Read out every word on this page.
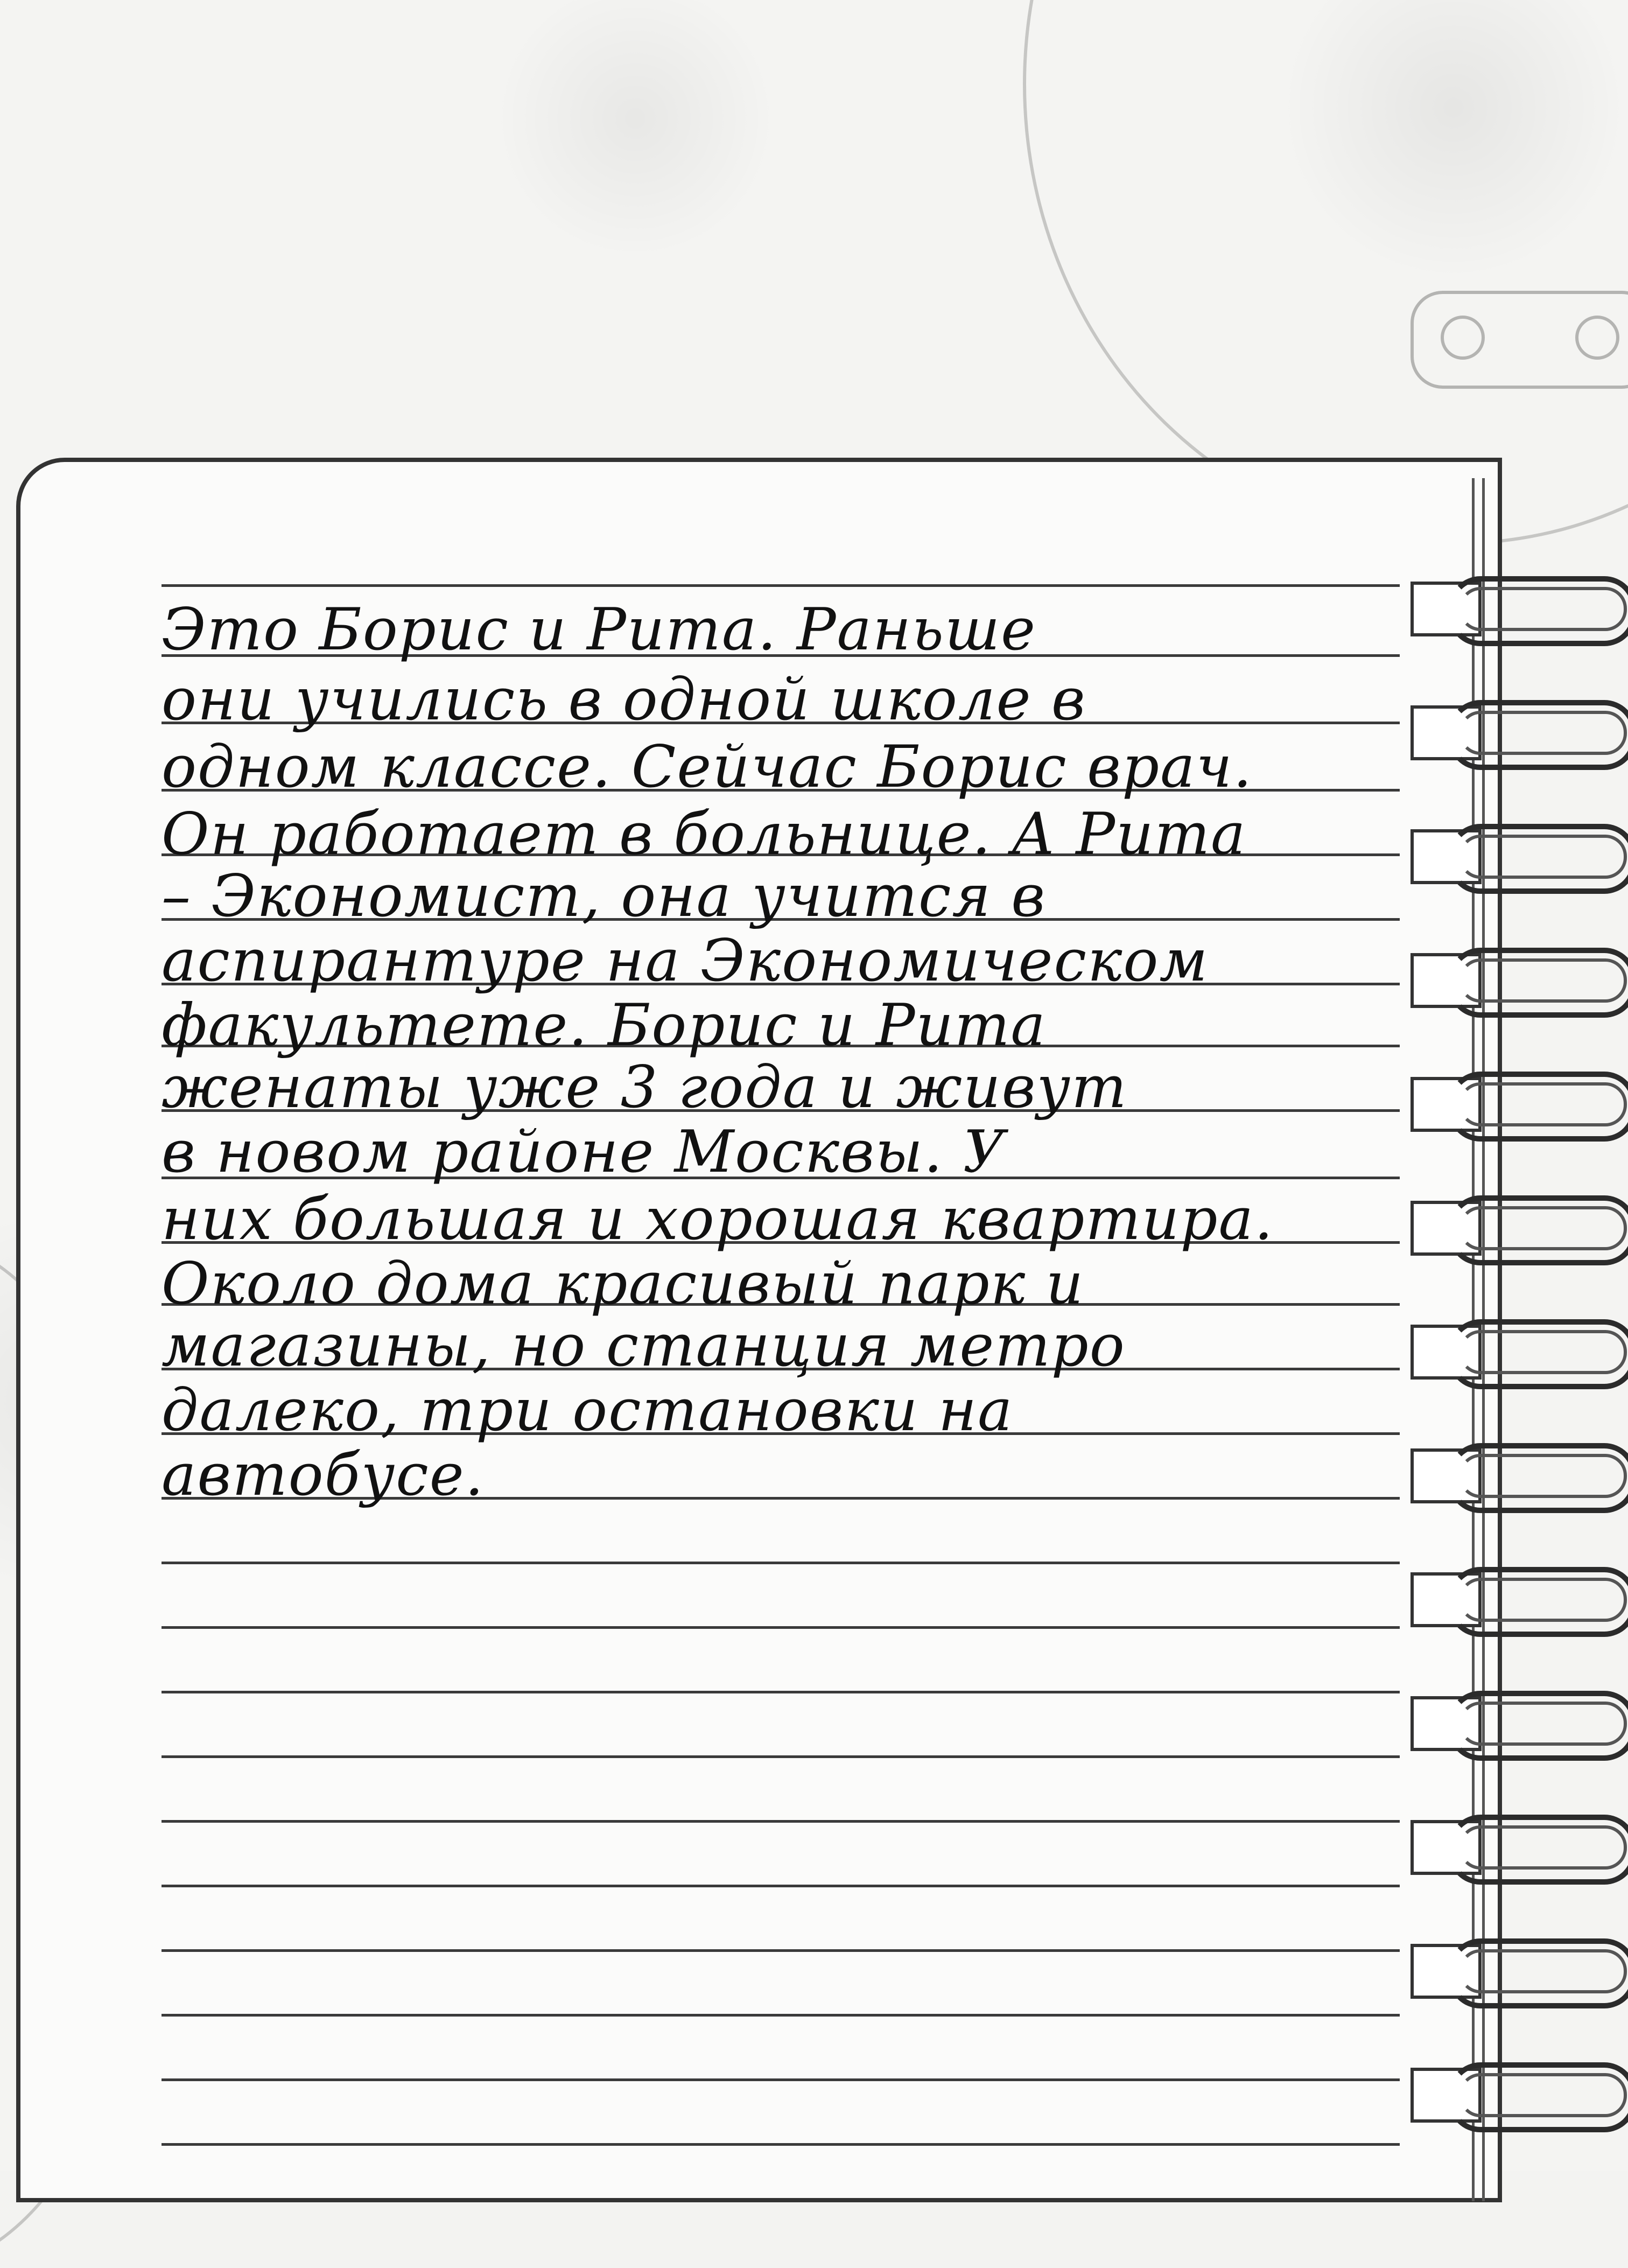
Это Борис и Рита. Раньше
они учились в одной школе в
одном классе. Сейчас Борис врач.
Он работает в больнице. А Рита
– Экономист, она учится в
аспирантуре на Экономическом
факультете. Борис и Рита
женаты уже 3 года и живут
в новом районе Москвы. У
них большая и хорошая квартира.
Около дома красивый парк и
магазины, но станция метро
далеко, три остановки на
автобусе.
